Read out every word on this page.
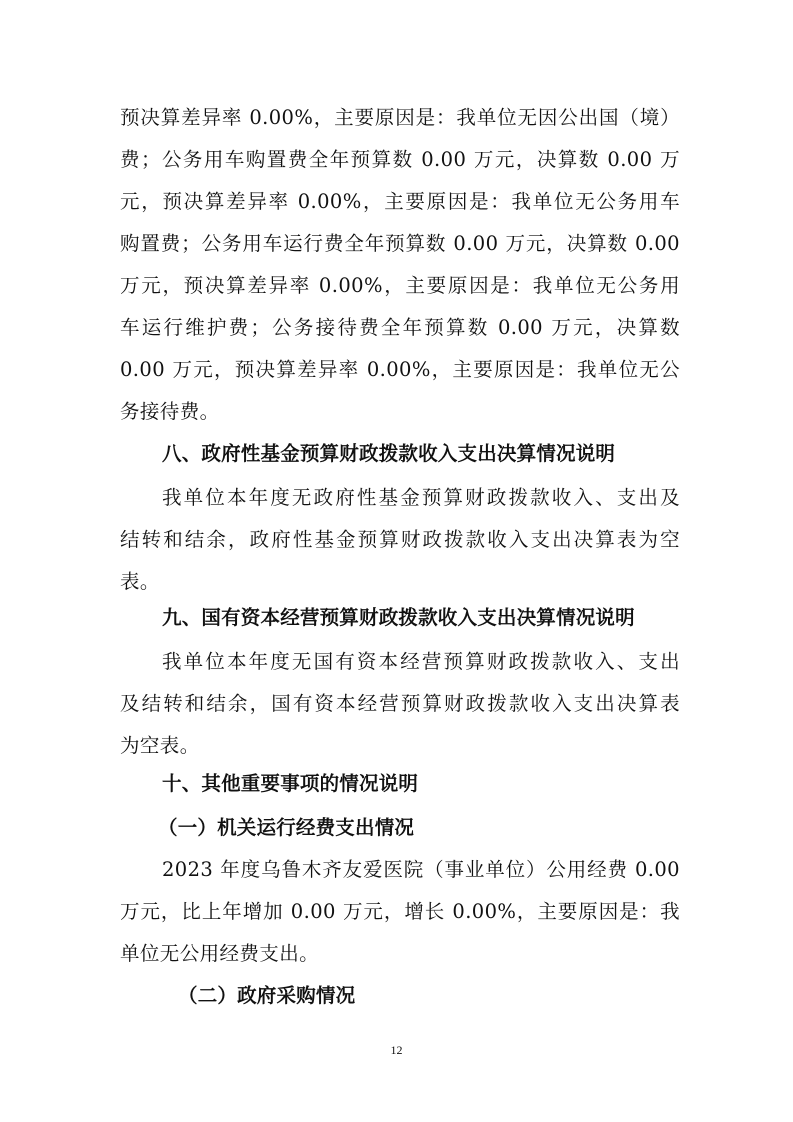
预决算差异率 0.00%，主要原因是：我单位无因公出国（境）
费；公务用车购置费全年预算数 0.00 万元，决算数 0.00 万
元，预决算差异率 0.00%，主要原因是：我单位无公务用车
购置费；公务用车运行费全年预算数 0.00 万元，决算数 0.00
万元，预决算差异率 0.00%，主要原因是：我单位无公务用
车运行维护费；公务接待费全年预算数 0.00 万元，决算数
0.00 万元，预决算差异率 0.00%，主要原因是：我单位无公
务接待费。
八、政府性基金预算财政拨款收入支出决算情况说明
我单位本年度无政府性基金预算财政拨款收入、支出及
结转和结余，政府性基金预算财政拨款收入支出决算表为空
表。
九、国有资本经营预算财政拨款收入支出决算情况说明
我单位本年度无国有资本经营预算财政拨款收入、支出
及结转和结余，国有资本经营预算财政拨款收入支出决算表
为空表。
十、其他重要事项的情况说明
（一）机关运行经费支出情况
2023 年度乌鲁木齐友爱医院（事业单位）公用经费 0.00
万元，比上年增加 0.00 万元，增长 0.00%，主要原因是：我
单位无公用经费支出。
（二）政府采购情况
12
